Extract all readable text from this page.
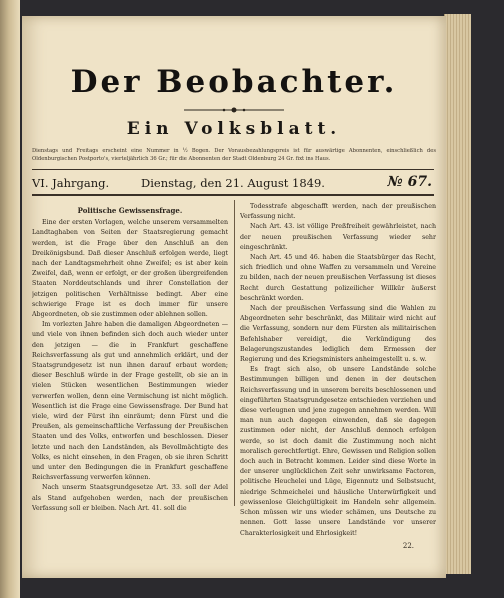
Der Beobachter.
Ein Volksblatt.
Dienstags und Freitags erscheint eine Nummer in ½ Bogen. Der Vorausbezahlungspreis ist für auswärtige Abonnenten, einschließlich des Oldenburgischen Postporto's, vierteljährlich 36 Gr.; für die Abonnenten der Stadt Oldenburg 24 Gr. fixt ins Haus.
VI. Jahrgang.	Dienstag, den 21. August 1849.	№ 67.
Politische Gewissensfrage.

Eine der ersten Vorlagen, welche unserem versammelten Landtaghaben von Seiten der Staatsregierung gemacht werden, ist die Frage über den Anschluß an den Dreikönigsbund. Daß dieser Anschluß erfolgen werde, liegt nach der Landtagsmehrheit ohne Zweifel; es ist aber kein Zweifel, daß, wenn er erfolgt, er der großen übergreifenden Staaten Norddeutschlands und ihrer Constellation der jetzigen politischen Verhältnisse bedingt. Aber eine schwierige Frage ist es doch immer für unsere Abgeordneten, ob sie zustimmen oder ablehnen sollen.

Im vorlezten Jahre haben die damaligen Abgeordneten — und viele von ihnen befinden sich doch auch wieder unter den jetzigen — die in Frankfurt geschaffene Reichsverfassung als gut und annehmlich erklärt, und der Staatsgrundgesetz ist nun ihnen darauf erbaut worden; dieser Beschluß würde in der Frage gestellt, ob sie an in vielen Stücken wesentlichen Bestimmungen wieder verwerfen wollen, denn eine Vermischung ist nicht möglich. Wesentlich ist die Frage eine Gewissensfrage. Der Bund hat viele, wird der Fürst ihn einräumt; denn Fürst und die Preußen, als gemeinschaftliche Verfassung der Preußischen Staaten und des Volks, entworfen und beschlossen. Dieser letzte und nach den Landständen, als Bevollmächtigte des Volks, es nicht einsehen, in den Fragen, ob sie ihren Schritt und unter den Bedingungen die in Frankfurt geschaffene Reichsverfassung verwerfen können.

Nach unserm Staatsgrundgesetze Art. 33. soll der Adel als Stand aufgehoben werden, nach der preußischen Verfassung soll er bleiben. Nach Art. 41. soll die

Todesstrafe abgeschafft werden, nach der preußischen Verfassung nicht.

Nach Art. 43. ist völlige Preßfreiheit gewährleistet, nach der neuen preußischen Verfassung wieder sehr eingeschränkt.

Nach Art. 45 und 46. haben die Staatsbürger das Recht, sich friedlich und ohne Waffen zu versammeln und Vereine zu bilden, nach der neuen preußischen Verfassung ist dieses Recht durch Gestattung polizeilicher Willkür äußerst beschränkt worden.

Nach der preußischen Verfassung sind die Wahlen zu Abgeordneten sehr beschränkt, das Militair wird nicht auf die Verfassung, sondern nur dem Fürsten als militairischen Befehlshaber vereidigt, die Verkündigung des Belagerungszustandes lediglich dem Ermessen der Regierung und des Kriegsministers anheimgestellt u. s. w.

Es fragt sich also, ob unsere Landstände solche Bestimmungen billigen und denen in der deutschen Reichsverfassung und in unserem bereits beschlossenen und eingeführten Staatsgrundgesetze entschieden verziehen und diese verleugnen und jene zugegen annehmen werden. Will man nun auch dagegen einwenden, daß sie dagegen zustimmen oder nicht, der Anschluß dennoch erfolgen werde, so ist doch damit die Zustimmung noch nicht moralisch gerechtfertigt. Ehre, Gewissen und Religion sollen doch auch in Betracht kommen. Leider sind diese Worte in der unserer unglücklichen Zeit sehr unwirksame Factoren, politische Heuchelei und Lüge, Eigennutz und Selbstsucht, niedrige Schmeichelei und häusliche Unterwürfigkeit und gewissenlose Gleichgültigkeit im Handeln sehr allgemein. Schon müssen wir uns wieder schämen, uns Deutsche zu nennen. Gott lasse unsere Landstände vor unserer Charakterlosigkeit und Ehrlosigkeit!

22.
